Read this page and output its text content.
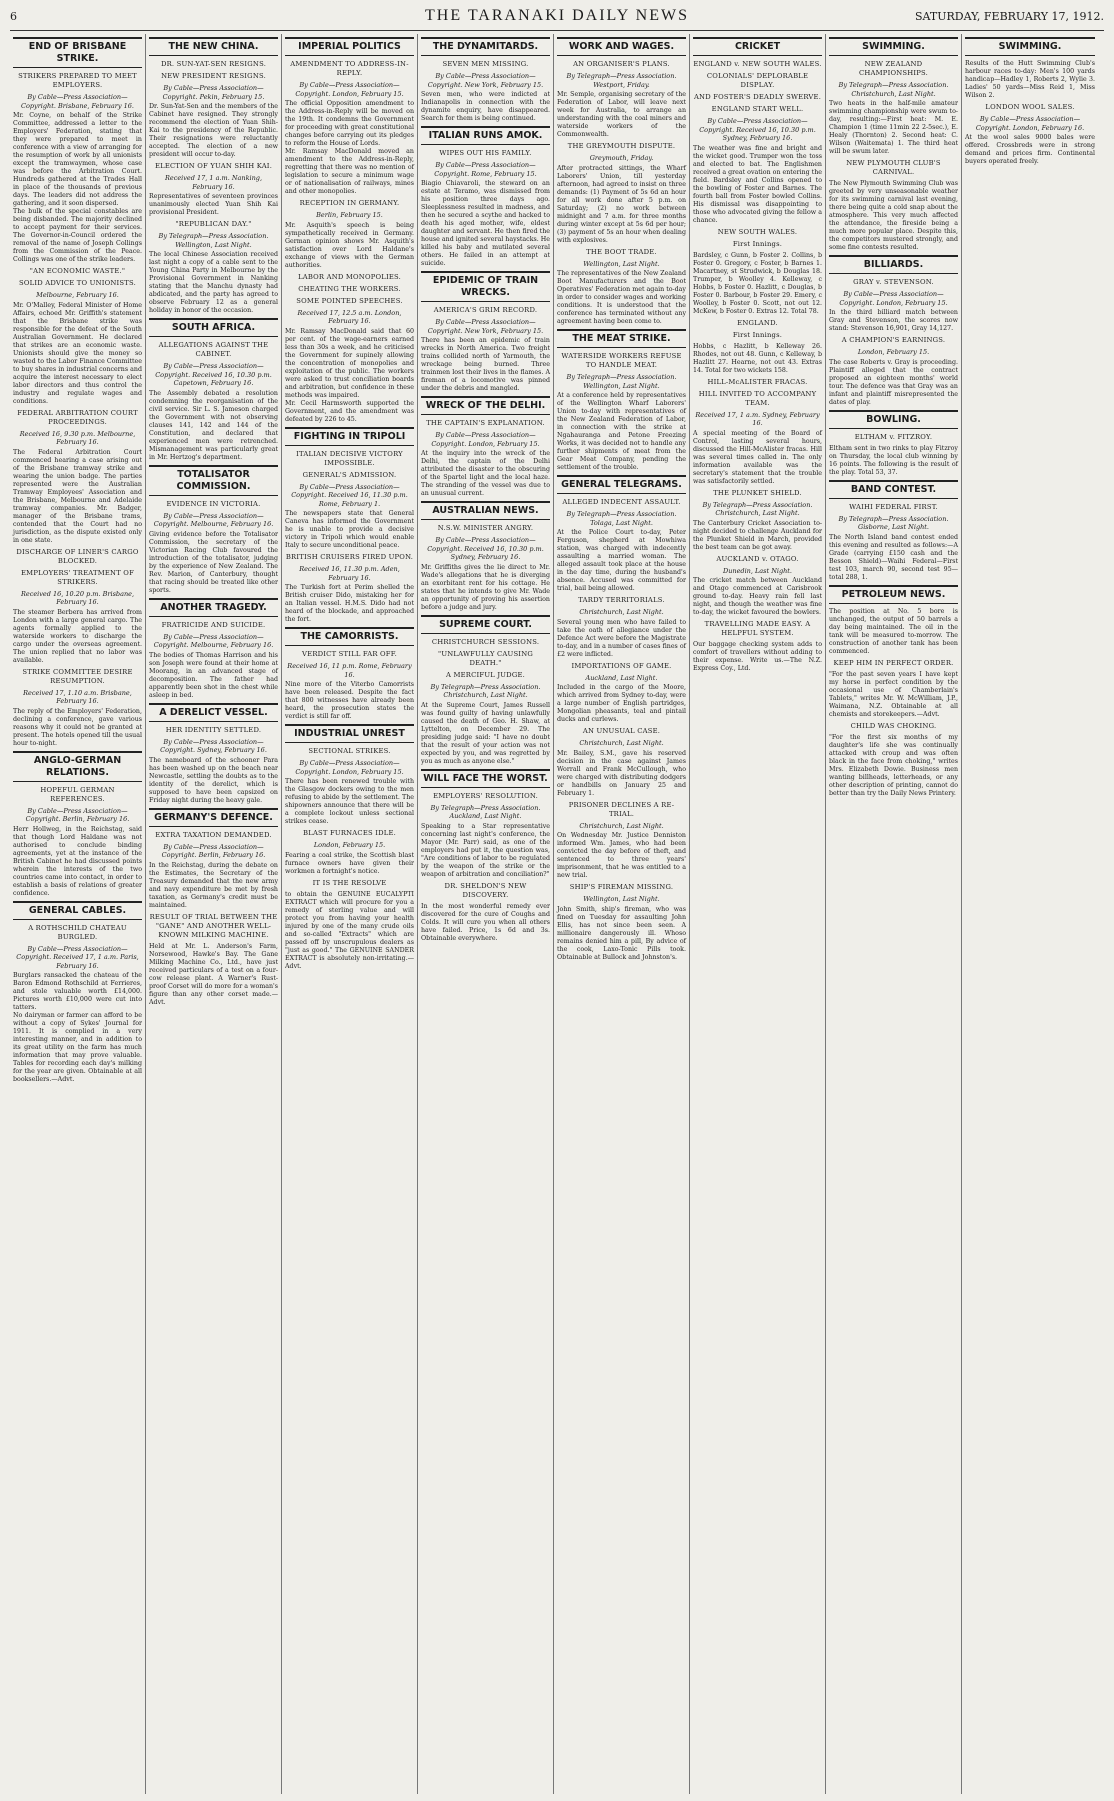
6	THE TARANAKI DAILY NEWS	SATURDAY, FEBRUARY 17, 1912.
END OF BRISBANE STRIKE.
STRIKERS PREPARED TO MEET EMPLOYERS.
By Cable—Press Association—Copyright. Brisbane, February 16.

Mr. Coyne, on behalf of the Strike Committee, addressed a letter to the Employers' Federation, stating that they were prepared to meet in conference with a view of arranging for the resumption of work by all unionists except the tramwaymen, whose case was before the Arbitration Court. Hundreds gathered at the Trades Hall in place of the thousands of previous days. The leaders did not address the gathering, and it soon dispersed.

The bulk of the special constables are being disbanded. The majority declined to accept payment for their services. The Governor-in-Council ordered the removal of the name of Joseph Collings from the Commission of the Peace. Collings was one of the strike leaders.

"AN ECONOMIC WASTE."
SOLID ADVICE TO UNIONISTS.
Melbourne, February 16.

Mr. O'Malley, Federal Minister of Home Affairs, echoed Mr. Griffith's statement that the Brisbane strike was responsible for the defeat of the South Australian Government. He declared that strikes are an economic waste. Unionists should give the money so wasted to the Labor Finance Committee to buy shares in industrial concerns and acquire the interest necessary to elect labor directors and thus control the industry and regulate wages and conditions.

FEDERAL ARBITRATION COURT PROCEEDINGS.
Received 16, 9.30 p.m. Melbourne, February 16.

The Federal Arbitration Court commenced hearing a case arising out of the Brisbane tramway strike and wearing the union badge. The parties represented were the Australian Tramway Employees' Association and the Brisbane, Melbourne and Adelaide tramway companies. Mr. Badger, manager of the Brisbane trams, contended that the Court had no jurisdiction, as the dispute existed only in one state.

DISCHARGE OF LINER'S CARGO BLOCKED.
EMPLOYERS' TREATMENT OF STRIKERS.
Received 16, 10.20 p.m. Brisbane, February 16.

The steamer Berbera has arrived from London with a large general cargo. The agents formally applied to the waterside workers to discharge the cargo under the overseas agreement. The union replied that no labor was available.

STRIKE COMMITTEE DESIRE RESUMPTION.
Received 17, 1.10 a.m. Brisbane, February 16.

The reply of the Employers' Federation, declining a conference, gave various reasons why it could not be granted at present. The hotels opened till the usual hour to-night.

ANGLO-GERMAN RELATIONS.
HOPEFUL GERMAN REFERENCES.
By Cable—Press Association—Copyright. Berlin, February 16.

Herr Hollweg, in the Reichstag, said that though Lord Haldane was not authorised to conclude binding agreements, yet at the instance of the British Cabinet he had discussed points wherein the interests of the two countries came into contact, in order to establish a basis of relations of greater confidence.

GENERAL CABLES.
A ROTHSCHILD CHATEAU BURGLED.
By Cable—Press Association—Copyright. Received 17, 1 a.m. Paris, February 16.

Burglars ransacked the chateau of the Baron Edmond Rothschild at Ferrieres, and stole valuable worth £14,000. Pictures worth £10,000 were cut into tatters.

No dairyman or farmer can afford to be without a copy of Sykes' Journal for 1911. It is complied in a very interesting manner, and in addition to its great utility on the farm has much information that may prove valuable. Tables for recording each day's milking for the year are given. Obtainable at all booksellers.—Advt.

THE NEW CHINA.
DR. SUN-YAT-SEN RESIGNS.
NEW PRESIDENT RESIGNS.
By Cable—Press Association—Copyright. Pekin, February 15.

Dr. Sun-Yat-Sen and the members of the Cabinet have resigned. They strongly recommend the election of Yuan Shih-Kai to the presidency of the Republic. Their resignations were reluctantly accepted. The election of a new president will occur to-day.

ELECTION OF YUAN SHIH KAI.
Received 17, 1 a.m. Nanking, February 16.

Representatives of seventeen provinces unanimously elected Yuan Shih Kai provisional President.

"REPUBLICAN DAY."
By Telegraph—Press Association. Wellington, Last Night.

The local Chinese Association received last night a copy of a cable sent to the Young China Party in Melbourne by the Provisional Government in Nanking stating that the Manchu dynasty had abdicated, and the party has agreed to observe February 12 as a general holiday in honor of the occasion.

SOUTH AFRICA.
ALLEGATIONS AGAINST THE CABINET.
By Cable—Press Association—Copyright. Received 16, 10.30 p.m. Capetown, February 16.

The Assembly debated a resolution condemning the reorganisation of the civil service. Sir L. S. Jameson charged the Government with not observing clauses 141, 142 and 144 of the Constitution, and declared that experienced men were retrenched. Mismanagement was particularly great in Mr. Hertzog's department.

TOTALISATOR COMMISSION.
EVIDENCE IN VICTORIA.
By Cable—Press Association—Copyright. Melbourne, February 16.

Giving evidence before the Totalisator Commission, the secretary of the Victorian Racing Club favoured the introduction of the totalisator, judging by the experience of New Zealand. The Rev. Marion, of Canterbury, thought that racing should be treated like other sports.

ANOTHER TRAGEDY.
FRATRICIDE AND SUICIDE.
By Cable—Press Association—Copyright. Melbourne, February 16.

The bodies of Thomas Harrison and his son Joseph were found at their home at Moorang, in an advanced stage of decomposition. The father had apparently been shot in the chest while asleep in bed.

A DERELICT VESSEL.
HER IDENTITY SETTLED.
By Cable—Press Association—Copyright. Sydney, February 16.

The nameboard of the schooner Para has been washed up on the beach near Newcastle, settling the doubts as to the identity of the derelict, which is supposed to have been capsized on Friday night during the heavy gale.

GERMANY'S DEFENCE.
EXTRA TAXATION DEMANDED.
By Cable—Press Association—Copyright. Berlin, February 16.

In the Reichstag, during the debate on the Estimates, the Secretary of the Treasury demanded that the new army and navy expenditure be met by fresh taxation, as Germany's credit must be maintained.

RESULT OF TRIAL BETWEEN THE "GANE" AND ANOTHER WELL-KNOWN MILKING MACHINE.

Held at Mr. L. Anderson's Farm, Norsewood, Hawke's Bay. The Gane Milking Machine Co., Ltd., have just received particulars of a test on a four-cow release plant. A Warner's Rust-proof Corset will do more for a woman's figure than any other corset made.—Advt.

IMPERIAL POLITICS
AMENDMENT TO ADDRESS-IN-REPLY.
By Cable—Press Association—Copyright. London, February 15.

The official Opposition amendment to the Address-in-Reply will be moved on the 19th. It condemns the Government for proceeding with great constitutional changes before carrying out its pledges to reform the House of Lords.

Mr. Ramsay MacDonald moved an amendment to the Address-in-Reply, regretting that there was no mention of legislation to secure a minimum wage or of nationalisation of railways, mines and other monopolies.

RECEPTION IN GERMANY.
Berlin, February 15.

Mr. Asquith's speech is being sympathetically received in Germany. German opinion shows Mr. Asquith's satisfaction over Lord Haldane's exchange of views with the German authorities.

LABOR AND MONOPOLIES.
CHEATING THE WORKERS.
SOME POINTED SPEECHES.
Received 17, 12.5 a.m. London, February 16.

Mr. Ramsay MacDonald said that 60 per cent. of the wage-earners earned less than 30s a week, and he criticised the Government for supinely allowing the concentration of monopolies and exploitation of the public. The workers were asked to trust conciliation boards and arbitration, but confidence in these methods was impaired.

Mr. Cecil Harmsworth supported the Government, and the amendment was defeated by 226 to 45.

FIGHTING IN TRIPOLI
ITALIAN DECISIVE VICTORY IMPOSSIBLE.
GENERAL'S ADMISSION.
By Cable—Press Association—Copyright. Received 16, 11.30 p.m. Rome, February 1.

The newspapers state that General Caneva has informed the Government he is unable to provide a decisive victory in Tripoli which would enable Italy to secure unconditional peace.

BRITISH CRUISERS FIRED UPON.
Received 16, 11.30 p.m. Aden, February 16.

The Turkish fort at Perim shelled the British cruiser Dido, mistaking her for an Italian vessel. H.M.S. Dido had not heard of the blockade, and approached the fort.

THE CAMORRISTS.
VERDICT STILL FAR OFF.
Received 16, 11 p.m. Rome, February 16.

Nine more of the Viterbo Camorrists have been released. Despite the fact that 800 witnesses have already been heard, the prosecution states the verdict is still far off.

INDUSTRIAL UNREST
SECTIONAL STRIKES.
By Cable—Press Association—Copyright. London, February 15.

There has been renewed trouble with the Glasgow dockers owing to the men refusing to abide by the settlement. The shipowners announce that there will be a complete lockout unless sectional strikes cease.

BLAST FURNACES IDLE.
London, February 15.

Fearing a coal strike, the Scottish blast furnace owners have given their workmen a fortnight's notice.

IT IS THE RESOLVE

to obtain the GENUINE EUCALYPTI EXTRACT which will procure for you a remedy of sterling value and will protect you from having your health injured by one of the many crude oils and so-called "Extracts" which are passed off by unscrupulous dealers as "just as good." The GENUINE SANDER EXTRACT is absolutely non-irritating.—Advt.

THE DYNAMITARDS.
SEVEN MEN MISSING.
By Cable—Press Association—Copyright. New York, February 15.

Seven men, who were indicted at Indianapolis in connection with the dynamite enquiry, have disappeared. Search for them is being continued.

ITALIAN RUNS AMOK.
WIPES OUT HIS FAMILY.
By Cable—Press Association—Copyright. Rome, February 15.

Biagio Chiavaroli, the steward on an estate at Teramo, was dismissed from his position three days ago. Sleeplessness resulted in madness, and then he secured a scythe and hacked to death his aged mother, wife, eldest daughter and servant. He then fired the house and ignited several haystacks. He killed his baby and mutilated several others. He failed in an attempt at suicide.

EPIDEMIC OF TRAIN WRECKS.
AMERICA'S GRIM RECORD.
By Cable—Press Association—Copyright. New York, February 15.

There has been an epidemic of train wrecks in North America. Two freight trains collided north of Yarmouth, the wreckage being burned. Three trainmen lost their lives in the flames. A fireman of a locomotive was pinned under the debris and mangled.

WRECK OF THE DELHI.
THE CAPTAIN'S EXPLANATION.
By Cable—Press Association—Copyright. London, February 15.

At the inquiry into the wreck of the Delhi, the captain of the Delhi attributed the disaster to the obscuring of the Spartel light and the local haze. The stranding of the vessel was due to an unusual current.

AUSTRALIAN NEWS.
N.S.W. MINISTER ANGRY.
By Cable—Press Association—Copyright. Received 16, 10.30 p.m. Sydney, February 16.

Mr. Griffiths gives the lie direct to Mr. Wade's allegations that he is diverging an exorbitant rent for his cottage. He states that he intends to give Mr. Wade an opportunity of proving his assertion before a judge and jury.

SUPREME COURT.
CHRISTCHURCH SESSIONS.
"UNLAWFULLY CAUSING DEATH."
A MERCIFUL JUDGE.
By Telegraph—Press Association. Christchurch, Last Night.

At the Supreme Court, James Russell was found guilty of having unlawfully caused the death of Geo. H. Shaw, at Lyttelton, on December 29. The presiding judge said: "I have no doubt that the result of your action was not expected by you, and was regretted by you as much as anyone else."

WILL FACE THE WORST.
EMPLOYERS' RESOLUTION.
By Telegraph—Press Association. Auckland, Last Night.

Speaking to a Star representative concerning last night's conference, the Mayor (Mr. Parr) said, as one of the employers had put it, the question was, "Are conditions of labor to be regulated by the weapon of the strike or the weapon of arbitration and conciliation?"

DR. SHELDON'S NEW DISCOVERY.

In the most wonderful remedy ever discovered for the cure of Coughs and Colds. It will cure you when all others have failed. Price, 1s 6d and 3s. Obtainable everywhere.

WORK AND WAGES.
AN ORGANISER'S PLANS.
By Telegraph—Press Association. Westport, Friday.

Mr. Semple, organising secretary of the Federation of Labor, will leave next week for Australia, to arrange an understanding with the coal miners and waterside workers of the Commonwealth.

THE GREYMOUTH DISPUTE.
Greymouth, Friday.

After protracted sittings, the Wharf Laborers' Union, till yesterday afternoon, had agreed to insist on three demands: (1) Payment of 5s 6d an hour for all work done after 5 p.m. on Saturday; (2) no work between midnight and 7 a.m. for three months during winter except at 5s 6d per hour; (3) payment of 5s an hour when dealing with explosives.

THE BOOT TRADE.
Wellington, Last Night.

The representatives of the New Zealand Boot Manufacturers and the Boot Operatives' Federation met again to-day in order to consider wages and working conditions. It is understood that the conference has terminated without any agreement having been come to.

THE MEAT STRIKE.
WATERSIDE WORKERS REFUSE TO HANDLE MEAT.
By Telegraph—Press Association. Wellington, Last Night.

At a conference held by representatives of the Wellington Wharf Laborers' Union to-day with representatives of the New Zealand Federation of Labor, in connection with the strike at Ngahauranga and Petone Freezing Works, it was decided not to handle any further shipments of meat from the Gear Meat Company, pending the settlement of the trouble.

GENERAL TELEGRAMS.
ALLEGED INDECENT ASSAULT.
By Telegraph—Press Association. Tolaga, Last Night.

At the Police Court to-day, Peter Ferguson, shepherd at Mowhiwa station, was charged with indecently assaulting a married woman. The alleged assault took place at the house in the day time, during the husband's absence. Accused was committed for trial, bail being allowed.

TARDY TERRITORIALS.
Christchurch, Last Night.

Several young men who have failed to take the oath of allegiance under the Defence Act were before the Magistrate to-day, and in a number of cases fines of £2 were inflicted.

IMPORTATIONS OF GAME.
Auckland, Last Night.

Included in the cargo of the Moore, which arrived from Sydney to-day, were a large number of English partridges, Mongolian pheasants, teal and pintail ducks and curlews.

AN UNUSUAL CASE.
Christchurch, Last Night.

Mr. Bailey, S.M., gave his reserved decision in the case against James Worrall and Frank McCullough, who were charged with distributing dodgers or handbills on January 25 and February 1.

PRISONER DECLINES A RE-TRIAL.
Christchurch, Last Night.

On Wednesday Mr. Justice Denniston informed Wm. James, who had been convicted the day before of theft, and sentenced to three years' imprisonment, that he was entitled to a new trial.

SHIP'S FIREMAN MISSING.
Wellington, Last Night.

John Smith, ship's fireman, who was fined on Tuesday for assaulting John Ellis, has not since been seen. A millionaire dangerously ill. Whoso remains denied him a pill, By advice of the cook, Laxo-Tonic Pills took. Obtainable at Bullock and Johnston's.

CRICKET
ENGLAND v. NEW SOUTH WALES.
COLONIALS' DEPLORABLE DISPLAY.
AND FOSTER'S DEADLY SWERVE.
ENGLAND START WELL.
By Cable—Press Association—Copyright. Received 16, 10.30 p.m. Sydney, February 16.

The weather was fine and bright and the wicket good. Trumper won the toss and elected to bat. The Englishmen received a great ovation on entering the field. Bardsley and Collins opened to the bowling of Foster and Barnes. The fourth ball from Foster bowled Collins. His dismissal was disappointing to those who advocated giving the fellow a chance.

NEW SOUTH WALES.
First Innings.

Bardsley, c Gunn, b Foster 2. Collins, b Foster 0. Gregory, c Foster, b Barnes 1. Macartney, st Strudwick, b Douglas 18. Trumper, b Woolley 4. Kelleway, c Hobbs, b Foster 0. Hazlitt, c Douglas, b Foster 0. Barbour, b Foster 29. Emery, c Woolley, b Foster 0. Scott, not out 12. McKew, b Foster 0. Extras 12. Total 78.

ENGLAND.
First Innings.

Hobbs, c Hazlitt, b Kelleway 26. Rhodes, not out 48. Gunn, c Kelleway, b Hazlitt 27. Hearne, not out 43. Extras 14. Total for two wickets 158.

HILL-McALISTER FRACAS.
HILL INVITED TO ACCOMPANY TEAM.
Received 17, 1 a.m. Sydney, February 16.

A special meeting of the Board of Control, lasting several hours, discussed the Hill-McAlister fracas. Hill was several times called in. The only information available was the secretary's statement that the trouble was satisfactorily settled.

THE PLUNKET SHIELD.
By Telegraph—Press Association. Christchurch, Last Night.

The Canterbury Cricket Association to-night decided to challenge Auckland for the Plunket Shield in March, provided the best team can be got away.

AUCKLAND v. OTAGO.
Dunedin, Last Night.

The cricket match between Auckland and Otago commenced at Carisbrook ground to-day. Heavy rain fell last night, and though the weather was fine to-day, the wicket favoured the bowlers.

TRAVELLING MADE EASY. A HELPFUL SYSTEM.

Our baggage checking system adds to comfort of travellers without adding to their expense. Write us.—The N.Z. Express Coy., Ltd.

SWIMMING.
NEW ZEALAND CHAMPIONSHIPS.
By Telegraph—Press Association. Christchurch, Last Night.

Two heats in the half-mile amateur swimming championship were swum to-day, resulting:—First heat: M. E. Champion 1 (time 11min 22 2-5sec.), E. Healy (Thornton) 2. Second heat: C. Wilson (Waitemata) 1. The third heat will be swum later.

NEW PLYMOUTH CLUB'S CARNIVAL.

The New Plymouth Swimming Club was greeted by very unseasonable weather for its swimming carnival last evening, there being quite a cold snap about the atmosphere. This very much affected the attendance, the fireside being a much more popular place. Despite this, the competitors mustered strongly, and some fine contests resulted.

BILLIARDS.
GRAY v. STEVENSON.
By Cable—Press Association—Copyright. London, February 15.

In the third billiard match between Gray and Stevenson, the scores now stand: Stevenson 16,901, Gray 14,127.

A CHAMPION'S EARNINGS.
London, February 15.

The case Roberts v. Gray is proceeding. Plaintiff alleged that the contract proposed an eighteen months' world tour. The defence was that Gray was an infant and plaintiff misrepresented the dates of play.

BOWLING.
ELTHAM v. FITZROY.

Eltham sent in two rinks to play Fitzroy on Thursday, the local club winning by 16 points. The following is the result of the play. Total 53, 37.

BAND CONTEST.
WAIHI FEDERAL FIRST.
By Telegraph—Press Association. Gisborne, Last Night.

The North Island band contest ended this evening and resulted as follows:—A Grade (carrying £150 cash and the Besson Shield)—Waihi Federal—First test 103, march 90, second test 95—total 288, 1.

PETROLEUM NEWS.

The position at No. 5 bore is unchanged, the output of 50 barrels a day being maintained. The oil in the tank will be measured to-morrow. The construction of another tank has been commenced.

KEEP HIM IN PERFECT ORDER.

"For the past seven years I have kept my horse in perfect condition by the occasional use of Chamberlain's Tablets," writes Mr. W. McWilliam, J.P., Waimana, N.Z. Obtainable at all chemists and storekeepers.—Advt.

CHILD WAS CHOKING.

"For the first six months of my daughter's life she was continually attacked with croup and was often black in the face from choking," writes Mrs. Elizabeth Dowie. Business men wanting billheads, letterheads, or any other description of printing, cannot do better than try the Daily News Printery.

SWIMMING.

Results of the Hutt Swimming Club's harbour races to-day: Men's 100 yards handicap—Hadley 1, Roberts 2, Wylie 3. Ladies' 50 yards—Miss Reid 1, Miss Wilson 2.

LONDON WOOL SALES.
By Cable—Press Association—Copyright. London, February 16.

At the wool sales 9000 bales were offered. Crossbreds were in strong demand and prices firm. Continental buyers operated freely.
